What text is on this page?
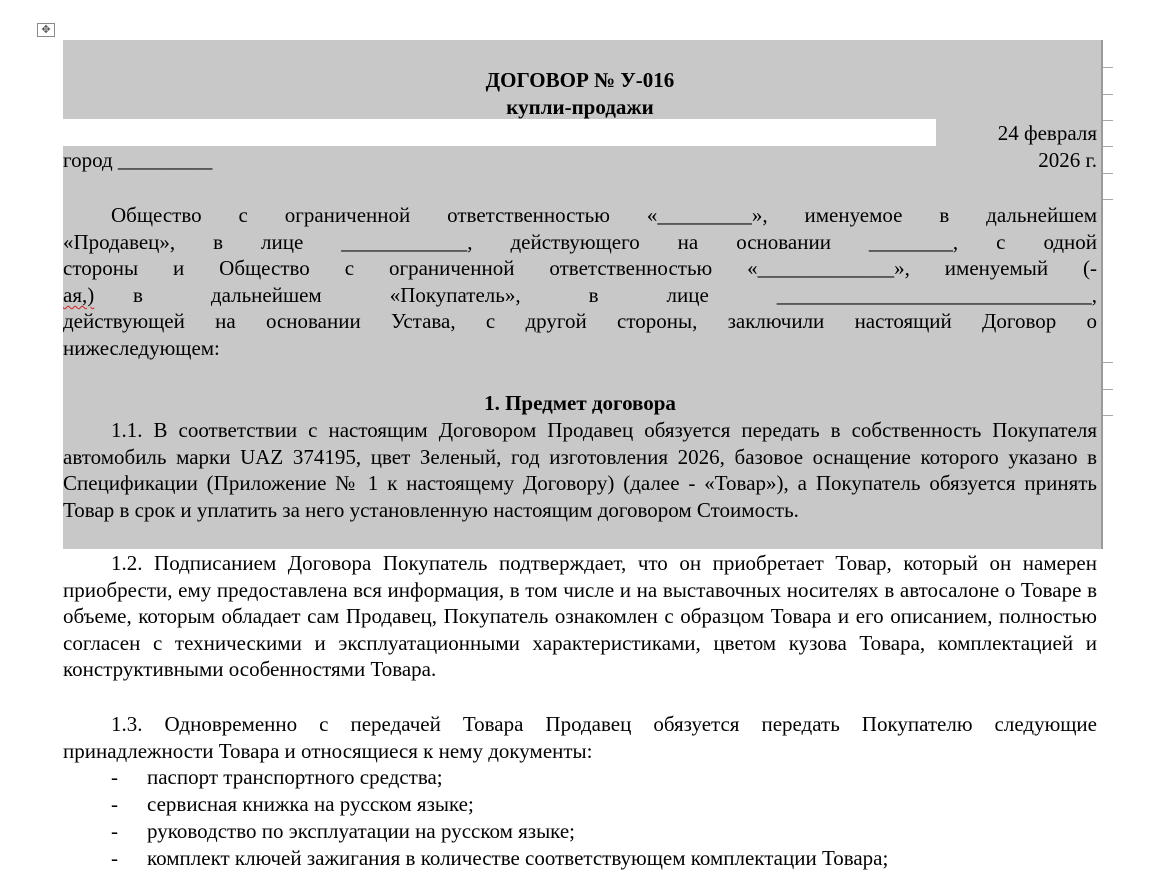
✥
ДОГОВОР № У-016
купли-продажи
24 февраля
город _________	2026 г.
Общество с ограниченной ответственностью «_________», именуемое в дальнейшем
«Продавец», в лице ____________, действующего на основании ________, с одной
стороны и Общество с ограниченной ответственностью «_____________», именуемый (-
ая,) в дальнейшем «Покупатель», в лице ______________________________,
действующей на основании Устава, с другой стороны, заключили настоящий Договор о
нижеследующем:
1. Предмет договора
1.1. В соответствии с настоящим Договором Продавец обязуется передать в собственность Покупателя автомобиль марки UAZ 374195, цвет Зеленый, год изготовления 2026, базовое оснащение которого указано в Спецификации (Приложение № 1 к настоящему Договору) (далее - «Товар»), а Покупатель обязуется принять Товар в срок и уплатить за него установленную настоящим договором Стоимость.
1.2. Подписанием Договора Покупатель подтверждает, что он приобретает Товар, который он намерен приобрести, ему предоставлена вся информация, в том числе и на выставочных носителях в автосалоне о Товаре в объеме, которым обладает сам Продавец, Покупатель ознакомлен с образцом Товара и его описанием, полностью согласен с техническими и эксплуатационными характеристиками, цветом кузова Товара, комплектацией и конструктивными особенностями Товара.
1.3. Одновременно с передачей Товара Продавец обязуется передать Покупателю следующие принадлежности Товара и относящиеся к нему документы:
- паспорт транспортного средства;
- сервисная книжка на русском языке;
- руководство по эксплуатации на русском языке;
- комплект ключей зажигания в количестве соответствующем комплектации Товара;
